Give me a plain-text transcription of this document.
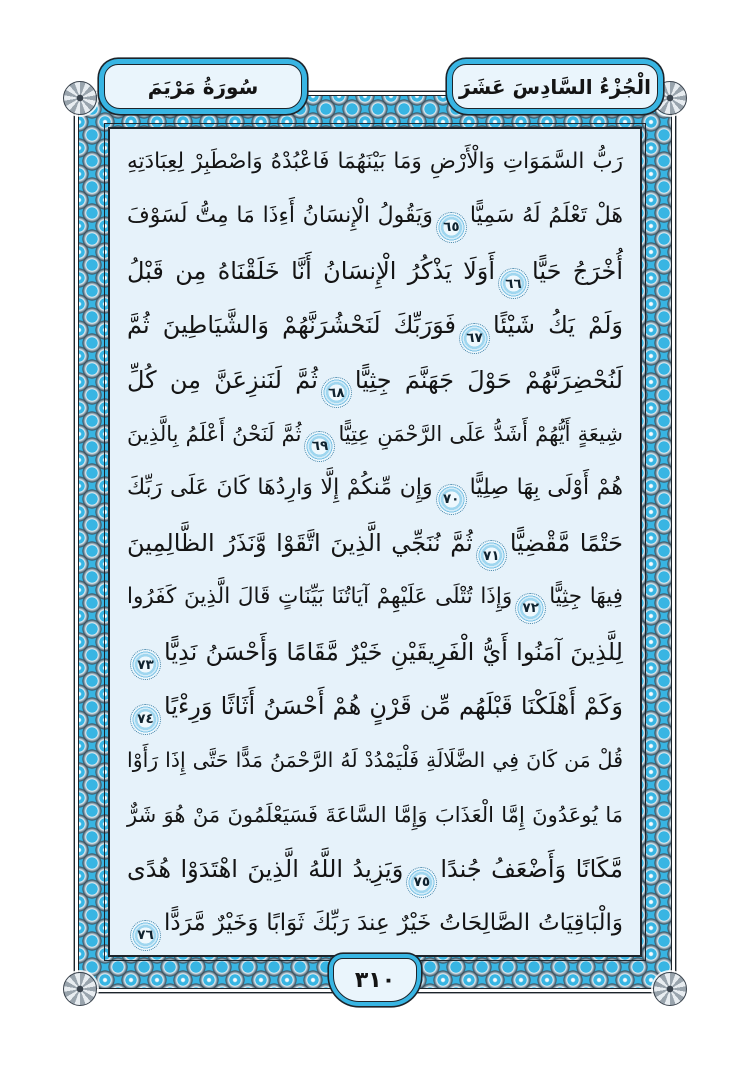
سُورَةُ مَرْيَمَ	الْجُزْءُ السَّادِسَ عَشَرَ
رَبُّ السَّمَوَاتِ وَالْأَرْضِ وَمَا بَيْنَهُمَا فَاعْبُدْهُ وَاصْطَبِرْ لِعِبَادَتِهِ
هَلْ تَعْلَمُ لَهُ سَمِيًّا٦٥وَيَقُولُ الْإِنسَانُ أَءِذَا مَا مِتُّ لَسَوْفَ
أُخْرَجُ حَيًّا٦٦أَوَلَا يَذْكُرُ الْإِنسَانُ أَنَّا خَلَقْنَاهُ مِن قَبْلُ
وَلَمْ يَكُ شَيْئًا٦٧فَوَرَبِّكَ لَنَحْشُرَنَّهُمْ وَالشَّيَاطِينَ ثُمَّ
لَنُحْضِرَنَّهُمْ حَوْلَ جَهَنَّمَ جِثِيًّا٦٨ثُمَّ لَنَنزِعَنَّ مِن كُلِّ
شِيعَةٍ أَيُّهُمْ أَشَدُّ عَلَى الرَّحْمَنِ عِتِيًّا٦٩ثُمَّ لَنَحْنُ أَعْلَمُ بِالَّذِينَ
هُمْ أَوْلَى بِهَا صِلِيًّا٧٠وَإِن مِّنكُمْ إِلَّا وَارِدُهَا كَانَ عَلَى رَبِّكَ
حَتْمًا مَّقْضِيًّا٧١ثُمَّ نُنَجِّي الَّذِينَ اتَّقَوْا وَّنَذَرُ الظَّالِمِينَ
فِيهَا جِثِيًّا٧٢وَإِذَا تُتْلَى عَلَيْهِمْ آيَاتُنَا بَيِّنَاتٍ قَالَ الَّذِينَ كَفَرُوا
لِلَّذِينَ آمَنُوا أَيُّ الْفَرِيقَيْنِ خَيْرٌ مَّقَامًا وَأَحْسَنُ نَدِيًّا٧٣
وَكَمْ أَهْلَكْنَا قَبْلَهُم مِّن قَرْنٍ هُمْ أَحْسَنُ أَثَاثًا وَرِءْيًا٧٤
قُلْ مَن كَانَ فِي الضَّلَالَةِ فَلْيَمْدُدْ لَهُ الرَّحْمَنُ مَدًّا حَتَّى إِذَا رَأَوْا
مَا يُوعَدُونَ إِمَّا الْعَذَابَ وَإِمَّا السَّاعَةَ فَسَيَعْلَمُونَ مَنْ هُوَ شَرٌّ
مَّكَانًا وَأَضْعَفُ جُندًا٧٥وَيَزِيدُ اللَّهُ الَّذِينَ اهْتَدَوْا هُدًى
وَالْبَاقِيَاتُ الصَّالِحَاتُ خَيْرٌ عِندَ رَبِّكَ ثَوَابًا وَخَيْرٌ مَّرَدًّا٧٦
٣١٠
